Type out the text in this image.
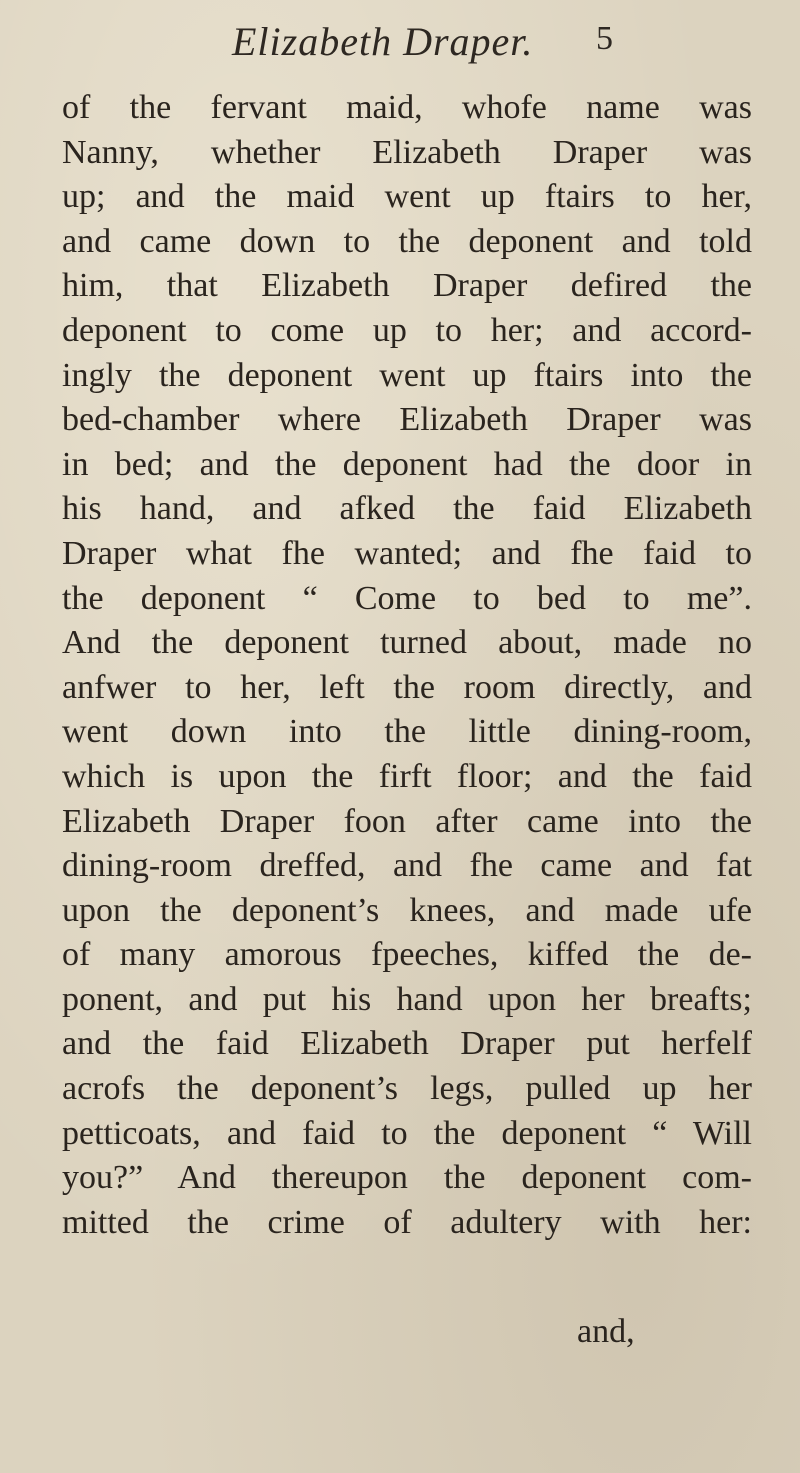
Elizabeth Draper. 5
of the fervant maid, whofe name was
Nanny, whether Elizabeth Draper was
up; and the maid went up ftairs to her,
and came down to the deponent and told
him, that Elizabeth Draper defired the
deponent to come up to her; and accord-
ingly the deponent went up ftairs into the
bed-chamber where Elizabeth Draper was
in bed; and the deponent had the door in
his hand, and afked the faid Elizabeth
Draper what fhe wanted; and fhe faid to
the deponent “ Come to bed to me”.
And the deponent turned about, made no
anfwer to her, left the room directly, and
went down into the little dining-room,
which is upon the firft floor; and the faid
Elizabeth Draper foon after came into the
dining-room dreffed, and fhe came and fat
upon the deponent’s knees, and made ufe
of many amorous fpeeches, kiffed the de-
ponent, and put his hand upon her breafts;
and the faid Elizabeth Draper put herfelf
acrofs the deponent’s legs, pulled up her
petticoats, and faid to the deponent “ Will
you?” And thereupon the deponent com-
mitted the crime of adultery with her:
and,
